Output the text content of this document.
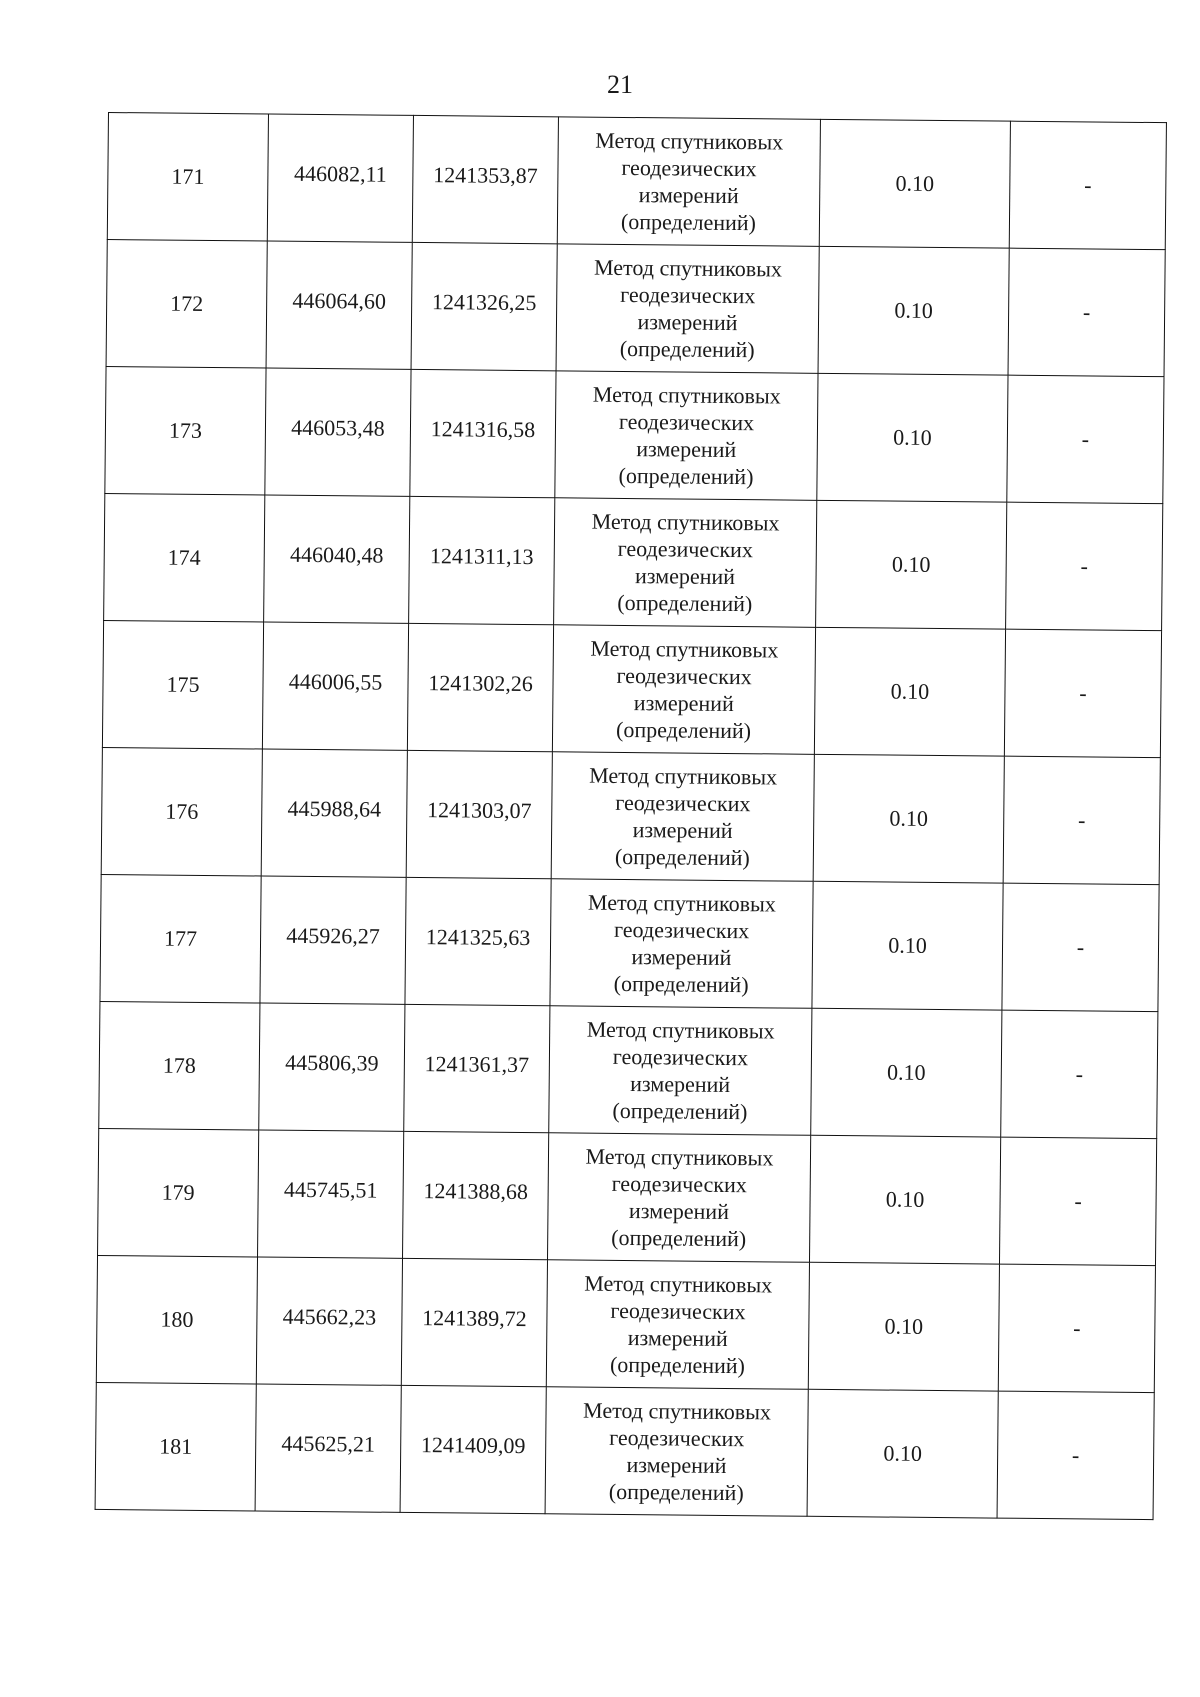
21
171	446082,11	1241353,87	Метод спутниковых
геодезических
измерений
(определений)	0.10	-
172	446064,60	1241326,25	Метод спутниковых
геодезических
измерений
(определений)	0.10	-
173	446053,48	1241316,58	Метод спутниковых
геодезических
измерений
(определений)	0.10	-
174	446040,48	1241311,13	Метод спутниковых
геодезических
измерений
(определений)	0.10	-
175	446006,55	1241302,26	Метод спутниковых
геодезических
измерений
(определений)	0.10	-
176	445988,64	1241303,07	Метод спутниковых
геодезических
измерений
(определений)	0.10	-
177	445926,27	1241325,63	Метод спутниковых
геодезических
измерений
(определений)	0.10	-
178	445806,39	1241361,37	Метод спутниковых
геодезических
измерений
(определений)	0.10	-
179	445745,51	1241388,68	Метод спутниковых
геодезических
измерений
(определений)	0.10	-
180	445662,23	1241389,72	Метод спутниковых
геодезических
измерений
(определений)	0.10	-
181	445625,21	1241409,09	Метод спутниковых
геодезических
измерений
(определений)	0.10	-
